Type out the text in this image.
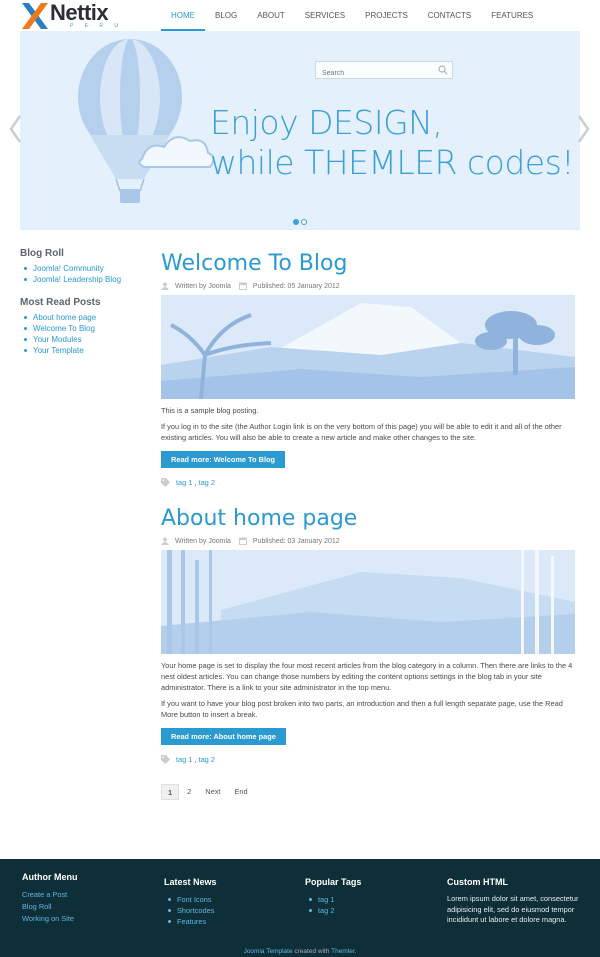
Nettix
P E R U
HOME	BLOG	ABOUT	SERVICES	PROJECTS	CONTACTS	FEATURES
Search
Enjoy DESIGN,
while THEMLER codes!
Blog Roll
Joomla! Community
Joomla! Leadership Blog
Most Read Posts
About home page
Welcome To Blog
Your Modules
Your Template
Welcome To Blog
Written by Joomla	Published: 05 January 2012

This is a sample blog posting.

If you log in to the site (the Author Login link is on the very bottom of this page) you will be able to edit it and all of the other existing articles. You will also be able to create a new article and make other changes to the site.

Read more: Welcome To Blog
tag 1 , tag 2
About home page
Written by Joomla	Published: 03 January 2012

Your home page is set to display the four most recent articles from the blog category in a column. Then there are links to the 4 nest oldest articles. You can change those numbers by editing the content options settings in the blog tab in your site administrator. There is a link to your site administrator in the top menu.

If you want to have your blog post broken into two parts, an introduction and then a full length separate page, use the Read More button to insert a break.

Read more: About home page
tag 1 , tag 2
1	2	Next	End
Author Menu
Create a Post
Blog Roll
Working on Site
Latest News
Font Icons
Shortcodes
Features
Popular Tags
tag 1
tag 2
Custom HTML
Lorem ipsum dolor sit amet, consectetur adipisicing elit, sed do eiusmod tempor incididunt ut labore et dolore magna.
Joomla Template created with Themler.
